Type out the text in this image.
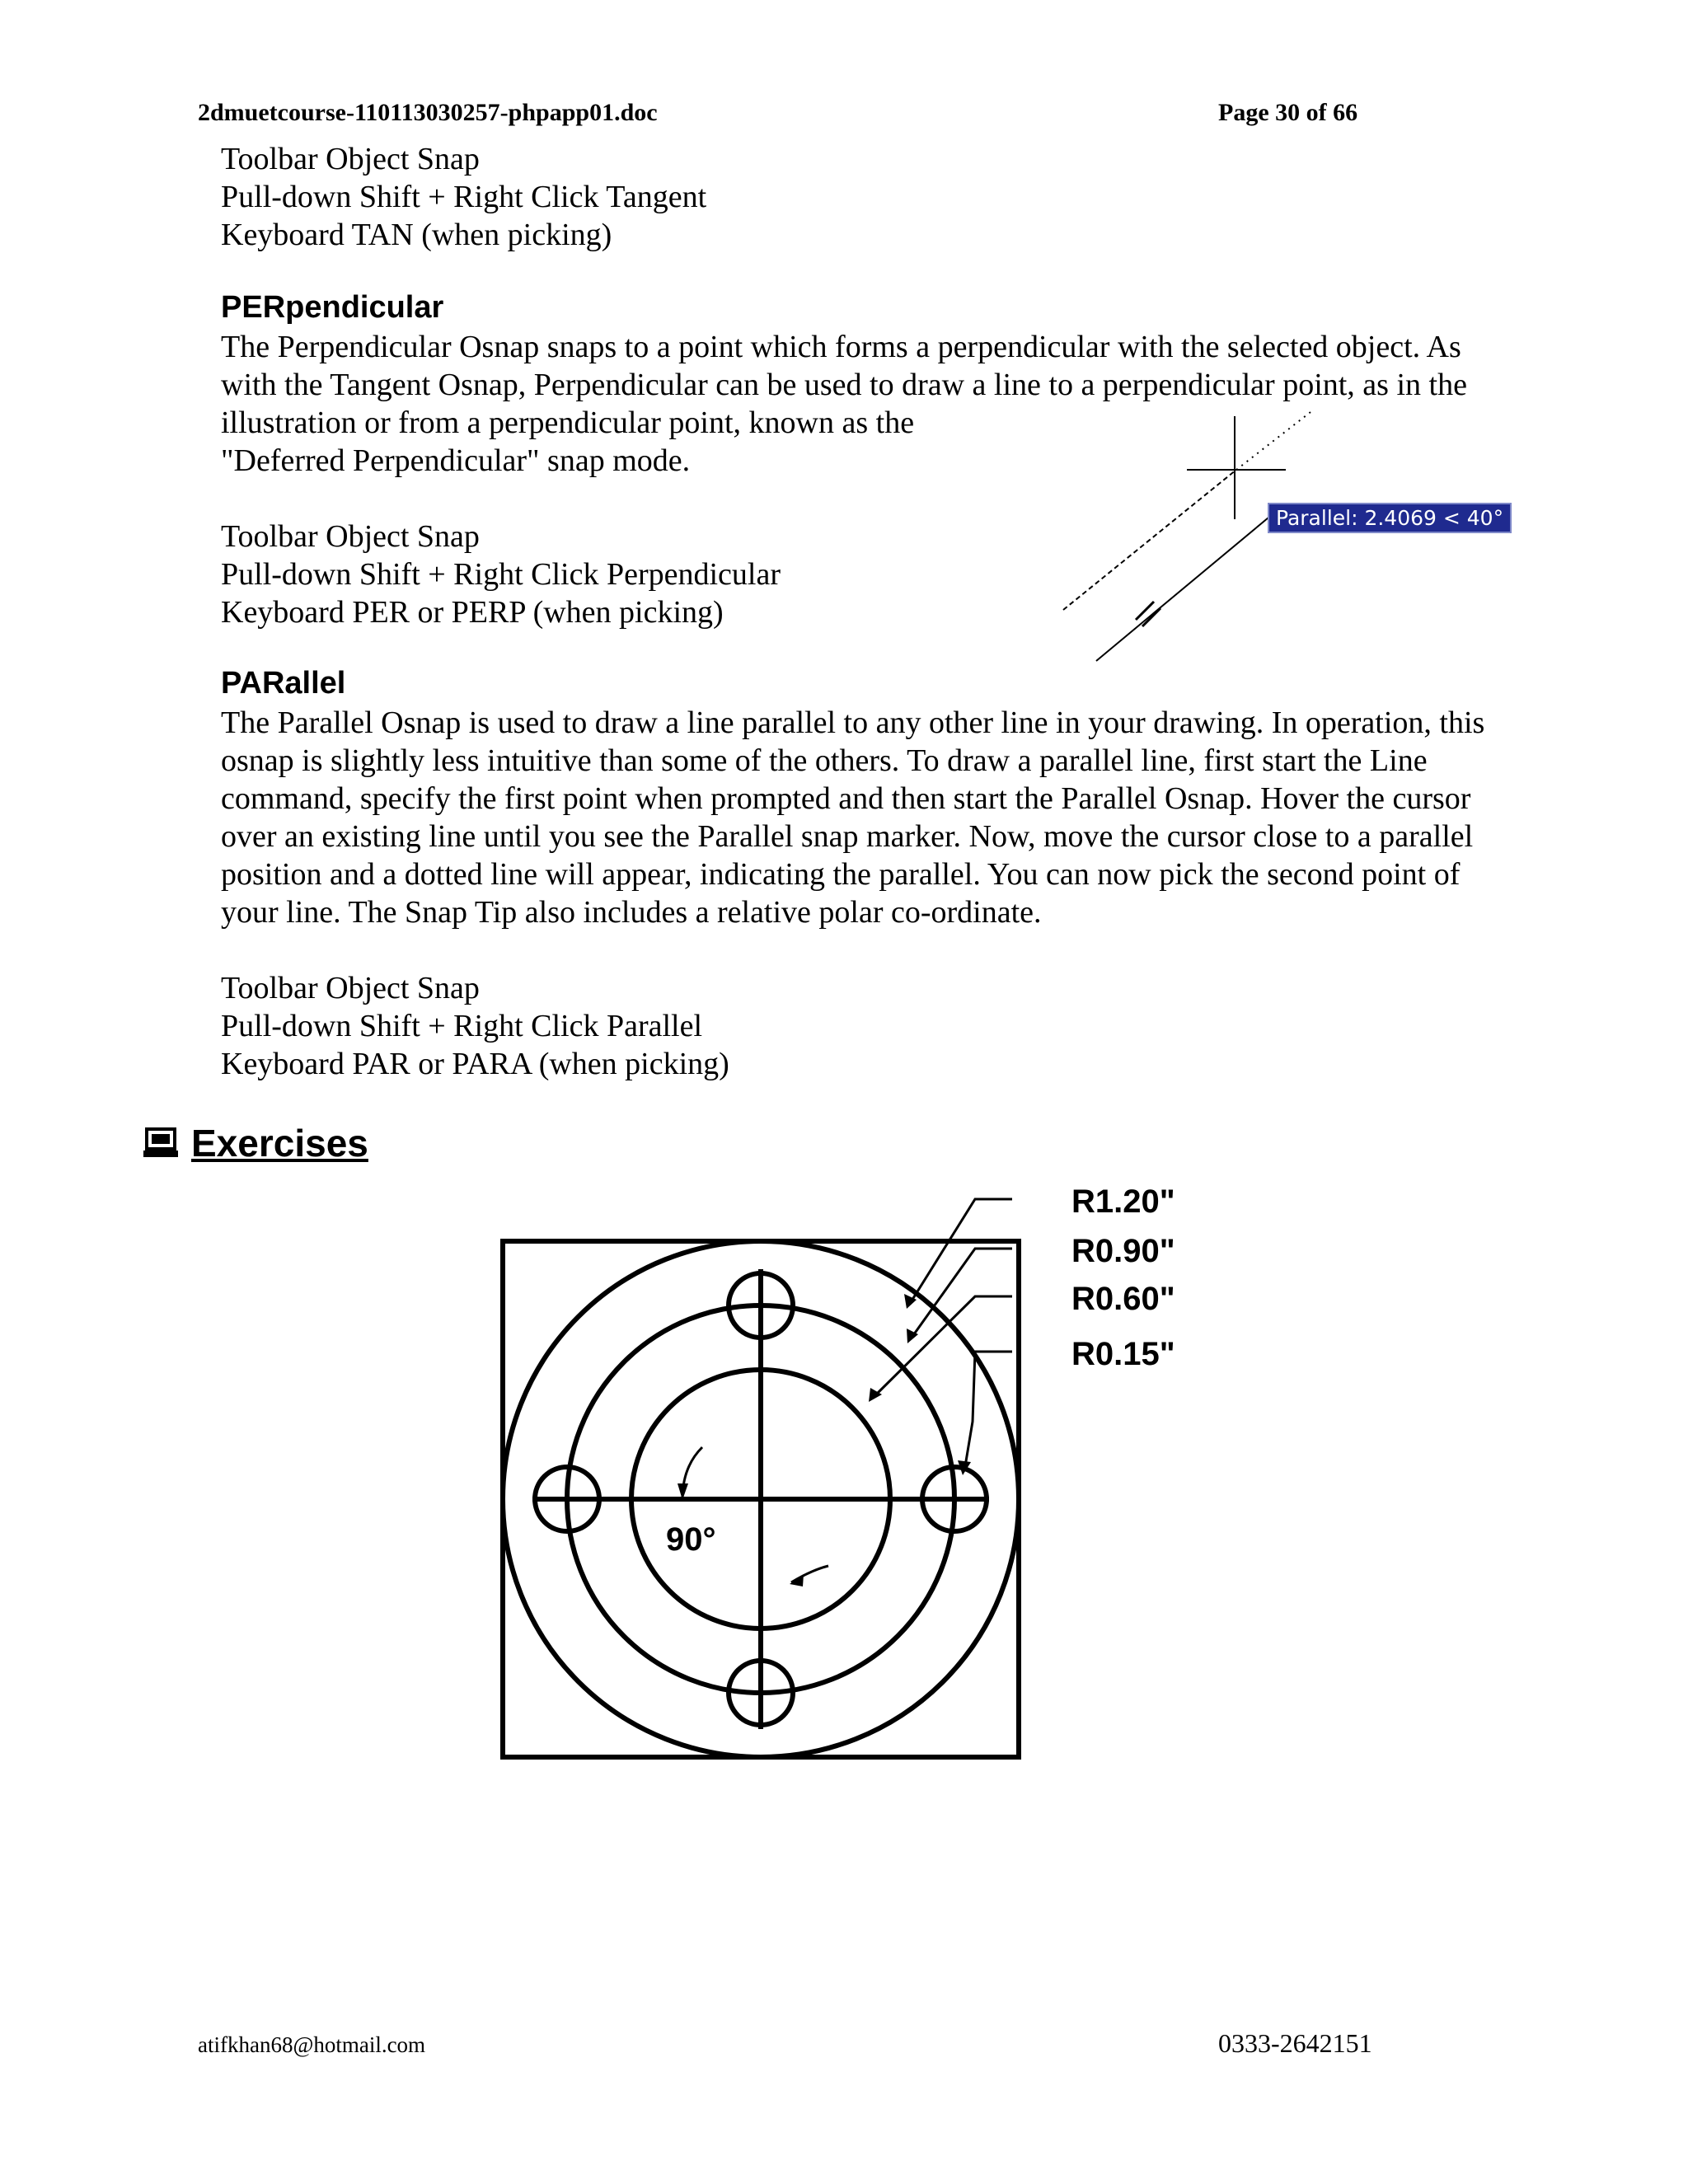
2dmuetcourse-110113030257-phpapp01.doc	Page 30 of 66
Toolbar Object Snap
Pull-down Shift + Right Click Tangent
Keyboard TAN (when picking)
PERpendicular
The Perpendicular Osnap snaps to a point which forms a perpendicular with the selected object. As
with the Tangent Osnap, Perpendicular can be used to draw a line to a perpendicular point, as in the
illustration or from a perpendicular point, known as the
"Deferred Perpendicular" snap mode.
Toolbar Object Snap
Pull-down Shift + Right Click Perpendicular
Keyboard PER or PERP (when picking)
Parallel: 2.4069 < 40°
PARallel
The Parallel Osnap is used to draw a line parallel to any other line in your drawing. In operation, this
osnap is slightly less intuitive than some of the others. To draw a parallel line, first start the Line
command, specify the first point when prompted and then start the Parallel Osnap. Hover the cursor
over an existing line until you see the Parallel snap marker. Now, move the cursor close to a parallel
position and a dotted line will appear, indicating the parallel. You can now pick the second point of
your line. The Snap Tip also includes a relative polar co-ordinate.
Toolbar Object Snap
Pull-down Shift + Right Click Parallel
Keyboard PAR or PARA (when picking)
Exercises
R1.20"
R0.90"
R0.60"
R0.15"
90°
atifkhan68@hotmail.com	0333-2642151
